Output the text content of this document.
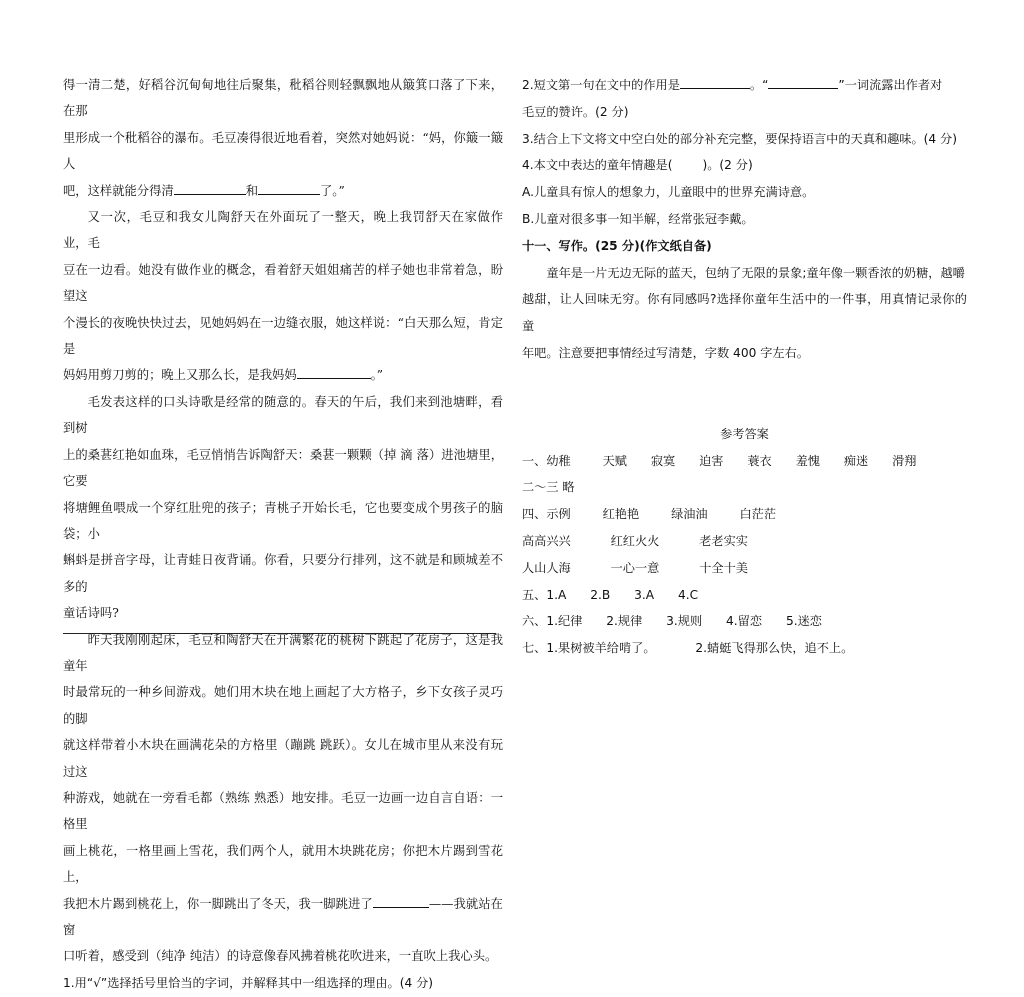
得一清二楚，好稻谷沉甸甸地往后聚集，秕稻谷则轻飘飘地从簸箕口落了下来，在那
里形成一个秕稻谷的瀑布。毛豆凑得很近地看着，突然对她妈说：“妈，你簸一簸人
吧，这样就能分得清	和	了。”

又一次，毛豆和我女儿陶舒天在外面玩了一整天，晚上我罚舒天在家做作业，毛
豆在一边看。她没有做作业的概念，看着舒天姐姐痛苦的样子她也非常着急，盼望这
个漫长的夜晚快快过去，见她妈妈在一边缝衣服，她这样说：“白天那么短，肯定是
妈妈用剪刀剪的；晚上又那么长，是我妈妈	。”

毛发表这样的口头诗歌是经常的随意的。春天的午后，我们来到池塘畔，看到树
上的桑葚红艳如血珠，毛豆悄悄告诉陶舒天：桑葚一颗颗（掉 滴 落）进池塘里，它要
将塘鲤鱼喂成一个穿红肚兜的孩子；青桃子开始长毛，它也要变成个男孩子的脑袋；小
蝌蚪是拼音字母，让青蛙日夜背诵。你看，只要分行排列，这不就是和顾城差不多的
童话诗吗?

昨天我刚刚起床，毛豆和陶舒天在开满繁花的桃树下跳起了花房子，这是我童年
时最常玩的一种乡间游戏。她们用木块在地上画起了大方格子，乡下女孩子灵巧的脚
就这样带着小木块在画满花朵的方格里（蹦跳 跳跃）。女儿在城市里从来没有玩过这
种游戏，她就在一旁看毛都（熟练 熟悉）地安排。毛豆一边画一边自言自语：一格里
画上桃花，一格里画上雪花，我们两个人，就用木块跳花房；你把木片踢到雪花上，
我把木片踢到桃花上，你一脚跳出了冬天，我一脚跳进了	——我就站在窗
口听着，感受到（纯净 纯洁）的诗意像春风拂着桃花吹进来，一直吹上我心头。

1.用“√”选择括号里恰当的字词，并解释其中一组选择的理由。(4 分)

2.短文第一句在文中的作用是	。“	”一词流露出作者对

毛豆的赞许。(2 分)

3.结合上下文将文中空白处的部分补充完整，要保持语言中的天真和趣味。(4 分)

4.本文中表达的童年情趣是( )。(2 分)

A.儿童具有惊人的想象力，儿童眼中的世界充满诗意。

B.儿童对很多事一知半解，经常张冠李戴。

十一、写作。(25 分)(作文纸自备)

童年是一片无边无际的蓝天，包纳了无限的景象;童年像一颗香浓的奶糖，越嚼
越甜，让人回味无穷。你有同感吗?选择你童年生活中的一件事，用真情记录你的童
年吧。注意要把事情经过写清楚，字数 400 字左右。

参考答案

一、幼稚	天赋 寂寞 迫害 蓑衣 羞愧 痴迷 滑翔

二～三 略

四、示例	红艳艳	绿油油	白茫茫

高高兴兴	红红火火	老老实实

人山人海	一心一意	十全十美

五、1.A 2.B 3.A 4.C

六、1.纪律 2.规律 3.规则 4.留恋 5.迷恋

七、1.果树被羊给啃了。	2.蜻蜓飞得那么快，追不上。
